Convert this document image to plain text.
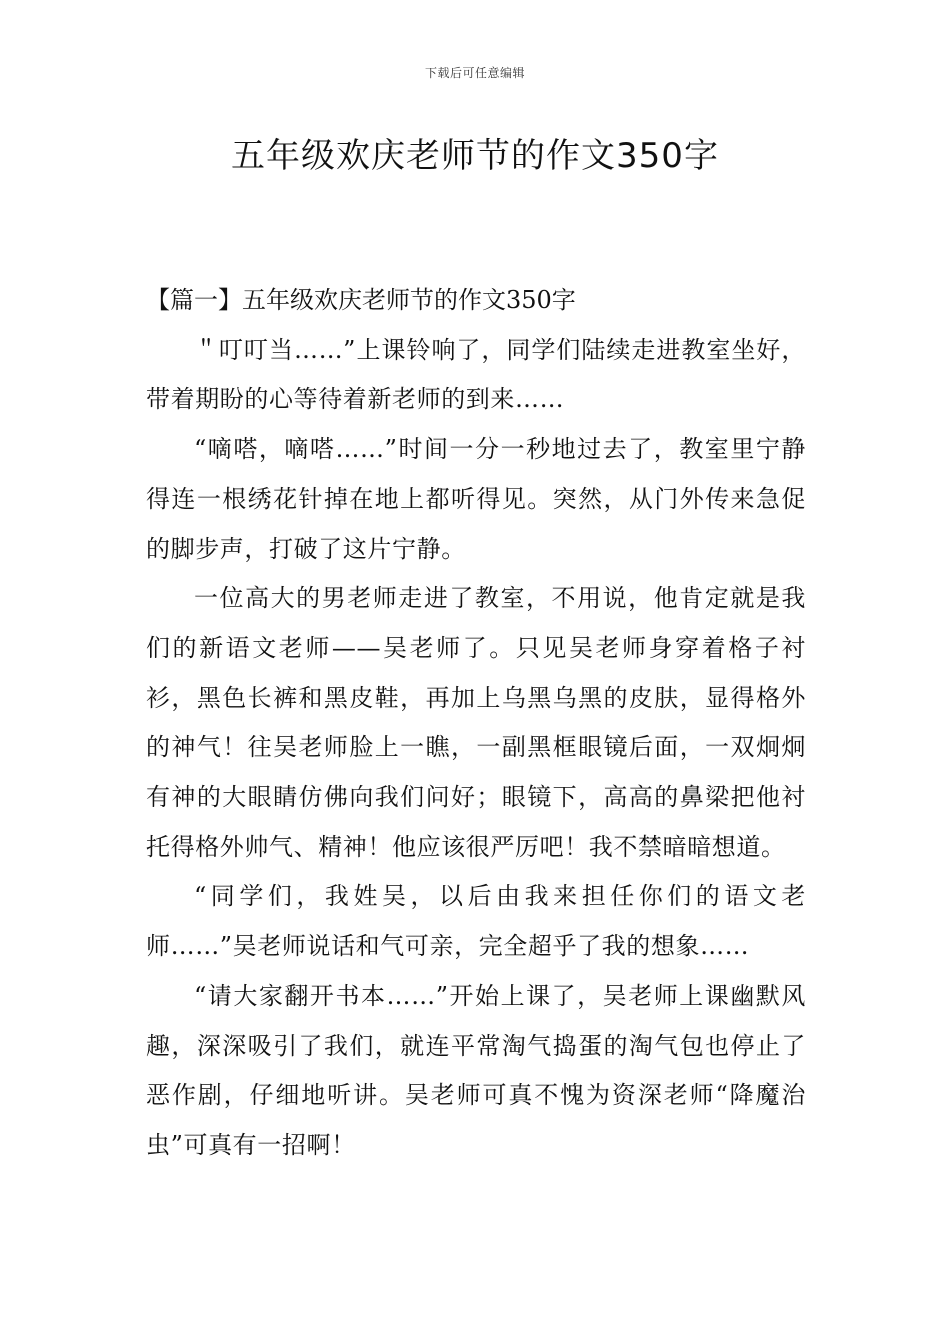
下载后可任意编辑
五年级欢庆老师节的作文350字

【篇一】五年级欢庆老师节的作文350字

＂叮叮当……”上课铃响了，同学们陆续走进教室坐好，带着期盼的心等待着新老师的到来……

“嘀嗒，嘀嗒……”时间一分一秒地过去了，教室里宁静得连一根绣花针掉在地上都听得见。突然，从门外传来急促的脚步声，打破了这片宁静。

一位高大的男老师走进了教室，不用说，他肯定就是我们的新语文老师——吴老师了。只见吴老师身穿着格子衬衫，黑色长裤和黑皮鞋，再加上乌黑乌黑的皮肤，显得格外的神气！往吴老师脸上一瞧，一副黑框眼镜后面，一双炯炯有神的大眼睛仿佛向我们问好；眼镜下，高高的鼻梁把他衬托得格外帅气、精神！他应该很严厉吧！我不禁暗暗想道。

“同学们，我姓吴，以后由我来担任你们的语文老师……”吴老师说话和气可亲，完全超乎了我的想象……

“请大家翻开书本……”开始上课了，吴老师上课幽默风趣，深深吸引了我们，就连平常淘气捣蛋的淘气包也停止了恶作剧，仔细地听讲。吴老师可真不愧为资深老师“降魔治虫”可真有一招啊！
